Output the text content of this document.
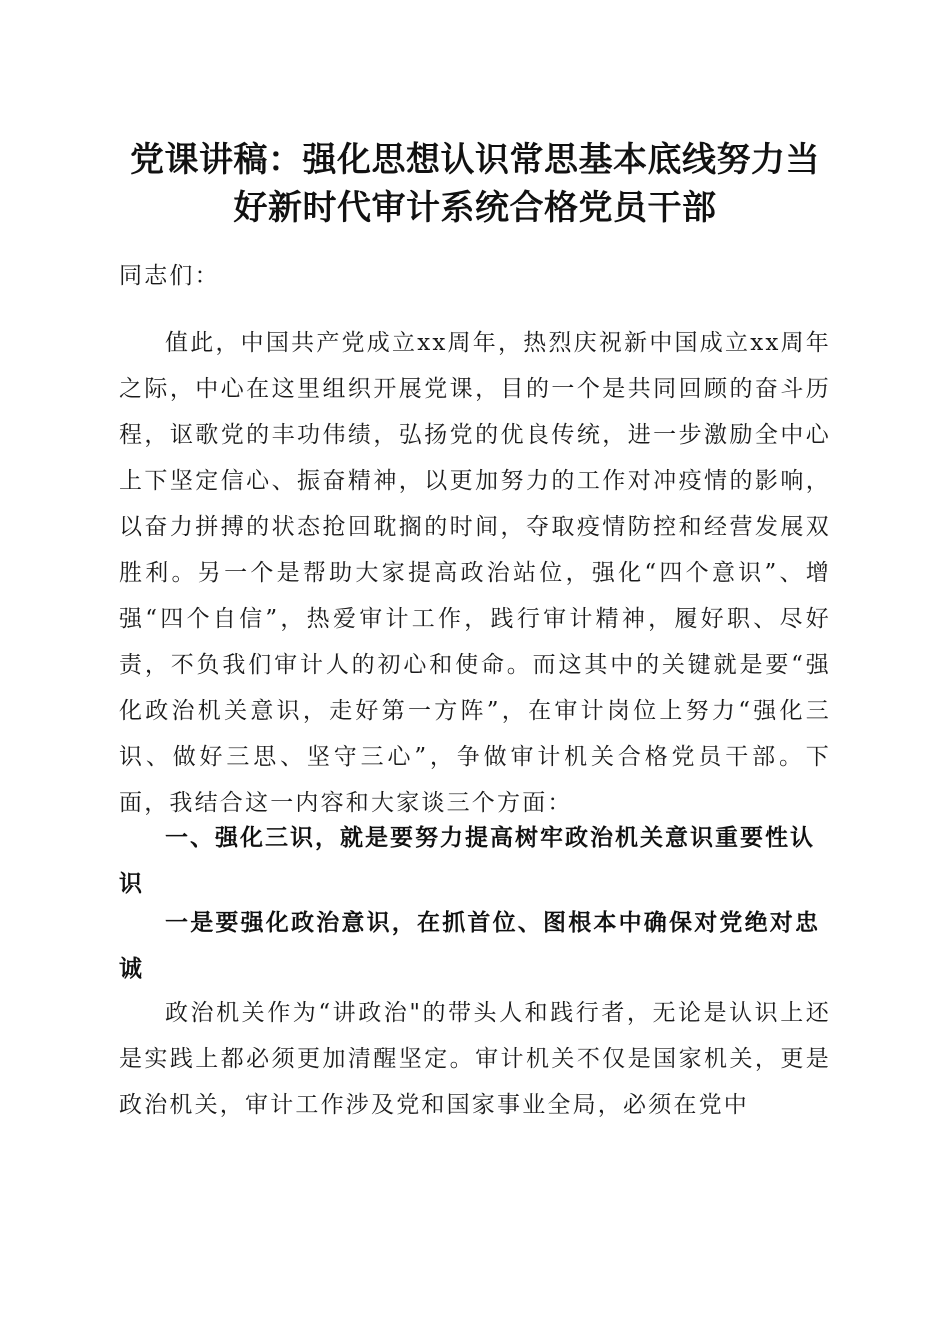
党课讲稿：强化思想认识常思基本底线努力当
好新时代审计系统合格党员干部
同志们：

值此，中国共产党成立xx周年，热烈庆祝新中国成立xx周年之际，中心在这里组织开展党课，目的一个是共同回顾的奋斗历程，讴歌党的丰功伟绩，弘扬党的优良传统，进一步激励全中心上下坚定信心、振奋精神，以更加努力的工作对冲疫情的影响，以奋力拼搏的状态抢回耽搁的时间，夺取疫情防控和经营发展双胜利。另一个是帮助大家提高政治站位，强化“四个意识”、增强“四个自信”，热爱审计工作，践行审计精神，履好职、尽好责，不负我们审计人的初心和使命。而这其中的关键就是要“强化政治机关意识，走好第一方阵”，在审计岗位上努力“强化三识、做好三思、坚守三心”，争做审计机关合格党员干部。下面，我结合这一内容和大家谈三个方面：

一、强化三识，就是要努力提高树牢政治机关意识重要性认识
一是要强化政治意识，在抓首位、图根本中确保对党绝对忠诚

政治机关作为“讲政治"的带头人和践行者，无论是认识上还是实践上都必须更加清醒坚定。审计机关不仅是国家机关，更是政治机关，审计工作涉及党和国家事业全局，必须在党中
